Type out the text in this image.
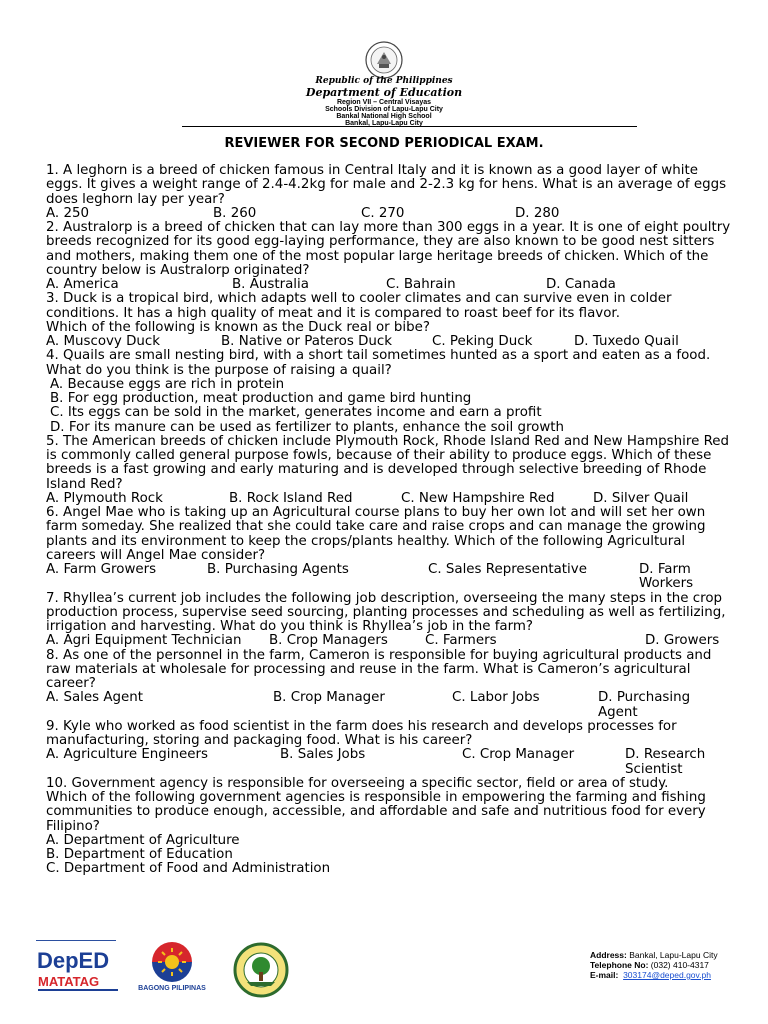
Republic of the Philippines
Department of Education
Region VII – Central Visayas
Schools Division of Lapu-Lapu City
Bankal National High School
Bankal, Lapu-Lapu City
REVIEWER FOR SECOND PERIODICAL EXAM.

1. A leghorn is a breed of chicken famous in Central Italy and it is known as a good layer of white eggs. It gives a weight range of 2.4-4.2kg for male and 2-2.3 kg for hens. What is an average of eggs does leghorn lay per year?

A. 250	B. 260	C. 270	D. 280

2. Australorp is a breed of chicken that can lay more than 300 eggs in a year. It is one of eight poultry breeds recognized for its good egg-laying performance, they are also known to be good nest sitters and mothers, making them one of the most popular large heritage breeds of chicken. Which of the country below is Australorp originated?

A. America	B. Australia	C. Bahrain	D. Canada

3. Duck is a tropical bird, which adapts well to cooler climates and can survive even in colder conditions. It has a high quality of meat and it is compared to roast beef for its flavor.

Which of the following is known as the Duck real or bibe?

A. Muscovy Duck	B. Native or Pateros Duck	C. Peking Duck	D. Tuxedo Quail

4. Quails are small nesting bird, with a short tail sometimes hunted as a sport and eaten as a food.

What do you think is the purpose of raising a quail?

A. Because eggs are rich in protein
B. For egg production, meat production and game bird hunting
C. Its eggs can be sold in the market, generates income and earn a profit
D. For its manure can be used as fertilizer to plants, enhance the soil growth

5. The American breeds of chicken include Plymouth Rock, Rhode Island Red and New Hampshire Red is commonly called general purpose fowls, because of their ability to produce eggs. Which of these breeds is a fast growing and early maturing and is developed through selective breeding of Rhode Island Red?

A. Plymouth Rock	B. Rock Island Red	C. New Hampshire Red	D. Silver Quail

6. Angel Mae who is taking up an Agricultural course plans to buy her own lot and will set her own farm someday. She realized that she could take care and raise crops and can manage the growing plants and its environment to keep the crops/plants healthy. Which of the following Agricultural careers will Angel Mae consider?

A. Farm Growers	B. Purchasing Agents	C. Sales Representative	D. Farm Workers

7. Rhyllea’s current job includes the following job description, overseeing the many steps in the crop production process, supervise seed sourcing, planting processes and scheduling as well as fertilizing, irrigation and harvesting. What do you think is Rhyllea’s job in the farm?

A. Agri Equipment Technician	B. Crop Managers	C. Farmers	D. Growers

8. As one of the personnel in the farm, Cameron is responsible for buying agricultural products and raw materials at wholesale for processing and reuse in the farm. What is Cameron’s agricultural career?

A. Sales Agent	B. Crop Manager	C. Labor Jobs	D. Purchasing Agent

9. Kyle who worked as food scientist in the farm does his research and develops processes for manufacturing, storing and packaging food. What is his career?

A. Agriculture Engineers	B. Sales Jobs	C. Crop Manager	D. Research Scientist

10. Government agency is responsible for overseeing a specific sector, field or area of study.

Which of the following government agencies is responsible in empowering the farming and fishing communities to produce enough, accessible, and affordable and safe and nutritious food for every Filipino?

A. Department of Agriculture
B. Department of Education
C. Department of Food and Administration
DepED
MATATAG	BAGONG PILIPINAS
Address: Bankal, Lapu-Lapu City
Telephone No: (032) 410-4317
E-mail: 303174@deped.gov.ph
